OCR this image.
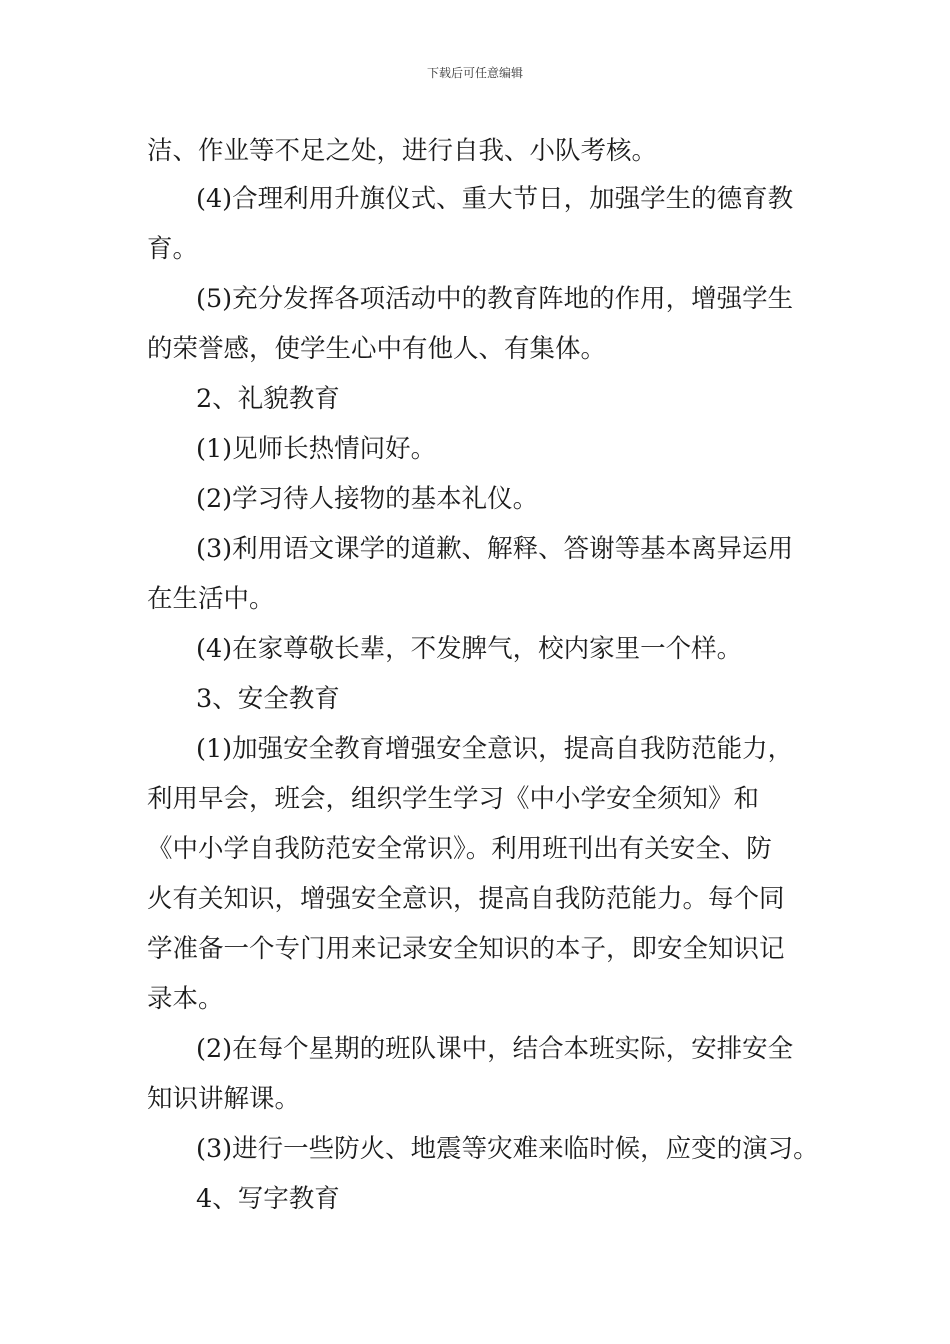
下载后可任意编辑
洁、作业等不足之处，进行自我、小队考核。
(4)合理利用升旗仪式、重大节日，加强学生的德育教
育。
(5)充分发挥各项活动中的教育阵地的作用，增强学生
的荣誉感，使学生心中有他人、有集体。
2、礼貌教育
(1)见师长热情问好。
(2)学习待人接物的基本礼仪。
(3)利用语文课学的道歉、解释、答谢等基本离异运用
在生活中。
(4)在家尊敬长辈，不发脾气，校内家里一个样。
3、安全教育
(1)加强安全教育增强安全意识，提高自我防范能力，
利用早会，班会，组织学生学习《中小学安全须知》和
《中小学自我防范安全常识》。利用班刊出有关安全、防
火有关知识，增强安全意识，提高自我防范能力。每个同
学准备一个专门用来记录安全知识的本子，即安全知识记
录本。
(2)在每个星期的班队课中，结合本班实际，安排安全
知识讲解课。
(3)进行一些防火、地震等灾难来临时候，应变的演习。
4、写字教育
